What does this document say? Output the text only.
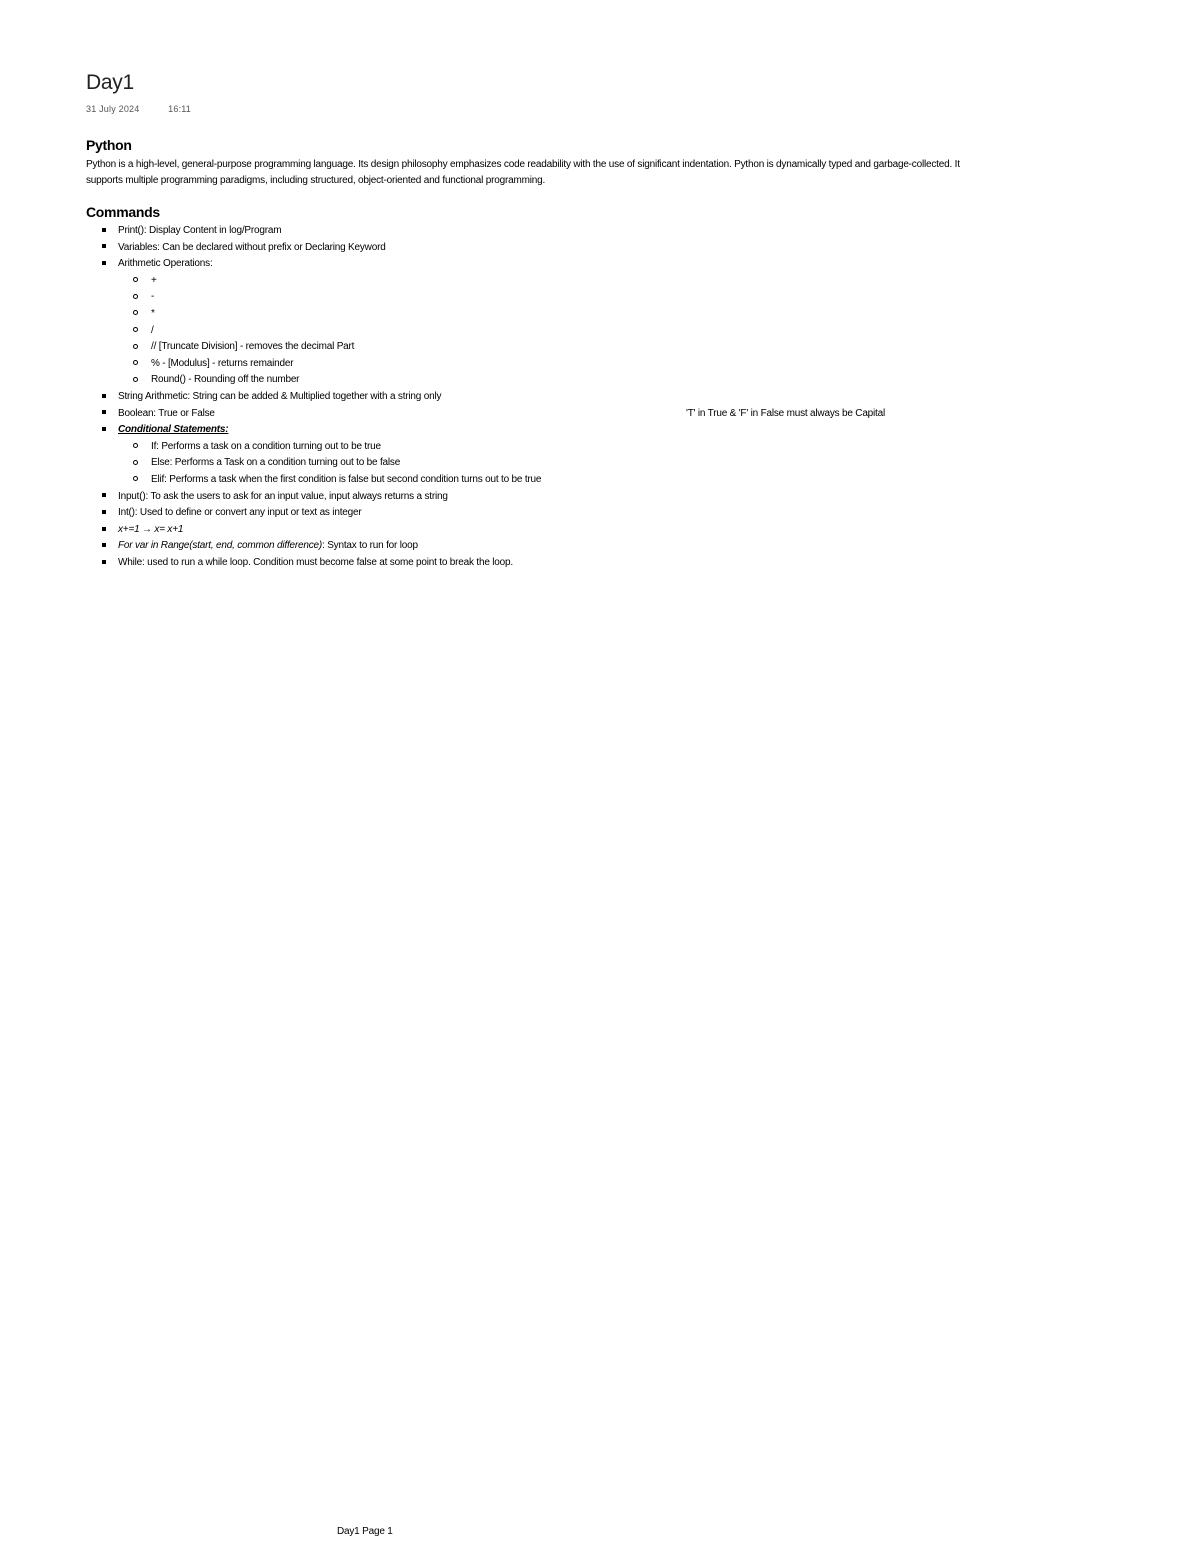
Day1
31 July 2024	16:11
Python
Python is a high-level, general-purpose programming language. Its design philosophy emphasizes code readability with the use of significant indentation. Python is dynamically typed and garbage-collected. It
supports multiple programming paradigms, including structured, object-oriented and functional programming.
Commands
Print(): Display Content in log/Program
Variables: Can be declared without prefix or Declaring Keyword
Arithmetic Operations:
+
-
*
/
// [Truncate Division] - removes the decimal Part
% - [Modulus] - returns remainder
Round() - Rounding off the number
String Arithmetic: String can be added & Multiplied together with a string only
Boolean: True or False	'T' in True & 'F' in False must always be Capital
Conditional Statements:
If: Performs a task on a condition turning out to be true
Else: Performs a Task on a condition turning out to be false
Elif: Performs a task when the first condition is false but second condition turns out to be true
Input(): To ask the users to ask for an input value, input always returns a string
Int(): Used to define or convert any input or text as integer
x+=1 → x= x+1
For var in Range(start, end, common difference): Syntax to run for loop
While: used to run a while loop. Condition must become false at some point to break the loop.
Day1 Page 1
